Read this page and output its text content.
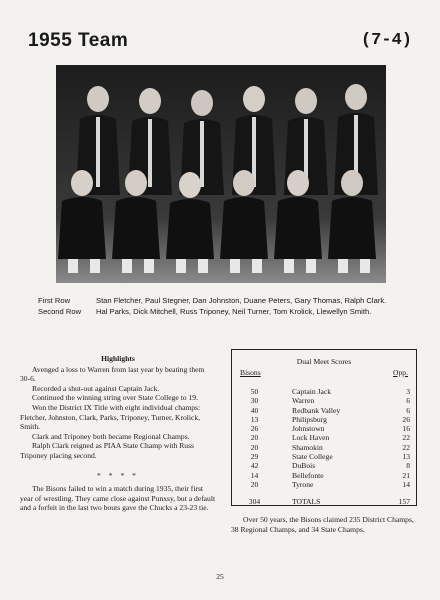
1955 Team	(7-4)
First Row	Stan Fletcher, Paul Stegner, Dan Johnston, Duane Peters, Gary Thomas, Ralph Clark.
Second Row	Hal Parks, Dick Mitchell, Russ Triponey, Neil Turner, Tom Krolick, Llewellyn Smith.
Highlights

Avenged a loss to Warren from last year by beating them 30-6.

Recorded a shut-out against Captain Jack.

Continued the winning string over State College to 19.

Won the District IX Title with eight individual champs: Fletcher, Johnston, Clark, Parks, Triponey, Turner, Krolick, Smith.

Clark and Triponey both became Regional Champs.

Ralph Clark reigned as PIAA State Champ with Russ Triponey placing second.

* * * *

The Bisons failed to win a match during 1935, their first year of wrestling. They came close against Punxsy, but a default and a forfeit in the last two bouts gave the Chucks a 23-23 tie.

Dual Meet Scores
Bisons	Opp.
50	Captain Jack	3
30	Warren	6
40	Redbank Valley	6
13	Philipsburg	26
26	Johnstown	16
20	Lock Haven	22
20	Shamokin	22
29	State College	13
42	DuBois	8
14	Bellefonte	21
20	Tyrone	14
304	TOTALS	157
Over 50 years, the Bisons claimed 235 District Champs, 38 Regional Champs, and 34 State Champs.
25
